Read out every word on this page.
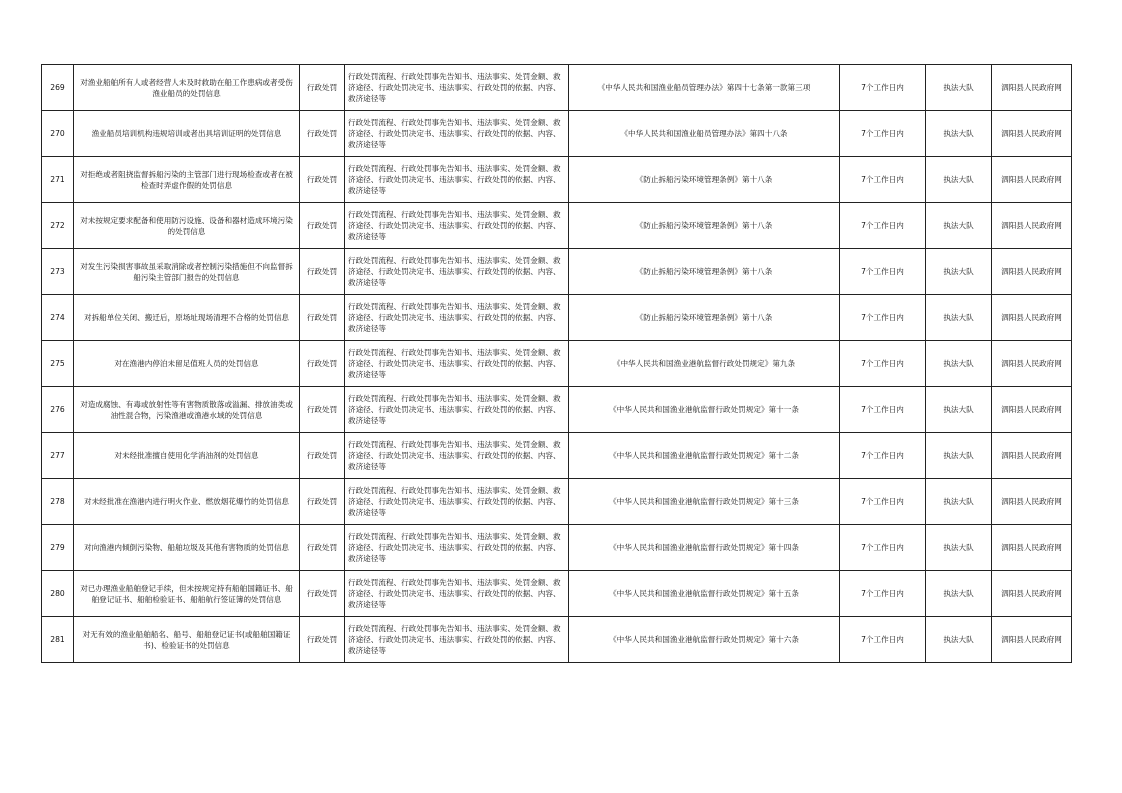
269	对渔业船舶所有人或者经营人未及时救助在船工作患病或者受伤渔业船员的处罚信息	行政处罚	行政处罚流程、行政处罚事先告知书、违法事实、处罚金额、救济途径、行政处罚决定书、违法事实、行政处罚的依据、内容、救济途径等	《中华人民共和国渔业船员管理办法》第四十七条第一款第三项	7个工作日内	执法大队	泗阳县人民政府网
270	渔业船员培训机构违规培训或者出具培训证明的处罚信息	行政处罚	行政处罚流程、行政处罚事先告知书、违法事实、处罚金额、救济途径、行政处罚决定书、违法事实、行政处罚的依据、内容、救济途径等	《中华人民共和国渔业船员管理办法》第四十八条	7个工作日内	执法大队	泗阳县人民政府网
271	对拒绝或者阻挠监督拆船污染的主管部门进行现场检查或者在被检查时弄虚作假的处罚信息	行政处罚	行政处罚流程、行政处罚事先告知书、违法事实、处罚金额、救济途径、行政处罚决定书、违法事实、行政处罚的依据、内容、救济途径等	《防止拆船污染环境管理条例》第十八条	7个工作日内	执法大队	泗阳县人民政府网
272	对未按规定要求配备和使用防污设施、设备和器材造成环境污染的处罚信息	行政处罚	行政处罚流程、行政处罚事先告知书、违法事实、处罚金额、救济途径、行政处罚决定书、违法事实、行政处罚的依据、内容、救济途径等	《防止拆船污染环境管理条例》第十八条	7个工作日内	执法大队	泗阳县人民政府网
273	对发生污染损害事故虽采取消除或者控制污染措施但不向监督拆船污染主管部门报告的处罚信息	行政处罚	行政处罚流程、行政处罚事先告知书、违法事实、处罚金额、救济途径、行政处罚决定书、违法事实、行政处罚的依据、内容、救济途径等	《防止拆船污染环境管理条例》第十八条	7个工作日内	执法大队	泗阳县人民政府网
274	对拆船单位关闭、搬迁后，原场址现场清理不合格的处罚信息	行政处罚	行政处罚流程、行政处罚事先告知书、违法事实、处罚金额、救济途径、行政处罚决定书、违法事实、行政处罚的依据、内容、救济途径等	《防止拆船污染环境管理条例》第十八条	7个工作日内	执法大队	泗阳县人民政府网
275	对在渔港内停泊未留足值班人员的处罚信息	行政处罚	行政处罚流程、行政处罚事先告知书、违法事实、处罚金额、救济途径、行政处罚决定书、违法事实、行政处罚的依据、内容、救济途径等	《中华人民共和国渔业港航监督行政处罚规定》第九条	7个工作日内	执法大队	泗阳县人民政府网
276	对造成腐蚀、有毒或放射性等有害物质散落或溢漏、排放油类或油性混合物，污染渔港或渔港水域的处罚信息	行政处罚	行政处罚流程、行政处罚事先告知书、违法事实、处罚金额、救济途径、行政处罚决定书、违法事实、行政处罚的依据、内容、救济途径等	《中华人民共和国渔业港航监督行政处罚规定》第十一条	7个工作日内	执法大队	泗阳县人民政府网
277	对未经批准擅自使用化学消油剂的处罚信息	行政处罚	行政处罚流程、行政处罚事先告知书、违法事实、处罚金额、救济途径、行政处罚决定书、违法事实、行政处罚的依据、内容、救济途径等	《中华人民共和国渔业港航监督行政处罚规定》第十二条	7个工作日内	执法大队	泗阳县人民政府网
278	对未经批准在渔港内进行明火作业、燃放烟花爆竹的处罚信息	行政处罚	行政处罚流程、行政处罚事先告知书、违法事实、处罚金额、救济途径、行政处罚决定书、违法事实、行政处罚的依据、内容、救济途径等	《中华人民共和国渔业港航监督行政处罚规定》第十三条	7个工作日内	执法大队	泗阳县人民政府网
279	对向渔港内倾倒污染物、船舶垃圾及其他有害物质的处罚信息	行政处罚	行政处罚流程、行政处罚事先告知书、违法事实、处罚金额、救济途径、行政处罚决定书、违法事实、行政处罚的依据、内容、救济途径等	《中华人民共和国渔业港航监督行政处罚规定》第十四条	7个工作日内	执法大队	泗阳县人民政府网
280	对已办理渔业船舶登记手续，但未按规定持有船舶国籍证书、船舶登记证书、船舶检验证书、船舶航行签证簿的处罚信息	行政处罚	行政处罚流程、行政处罚事先告知书、违法事实、处罚金额、救济途径、行政处罚决定书、违法事实、行政处罚的依据、内容、救济途径等	《中华人民共和国渔业港航监督行政处罚规定》第十五条	7个工作日内	执法大队	泗阳县人民政府网
281	对无有效的渔业船舶船名、船号、船舶登记证书(或船舶国籍证书)、检验证书的处罚信息	行政处罚	行政处罚流程、行政处罚事先告知书、违法事实、处罚金额、救济途径、行政处罚决定书、违法事实、行政处罚的依据、内容、救济途径等	《中华人民共和国渔业港航监督行政处罚规定》第十六条	7个工作日内	执法大队	泗阳县人民政府网
